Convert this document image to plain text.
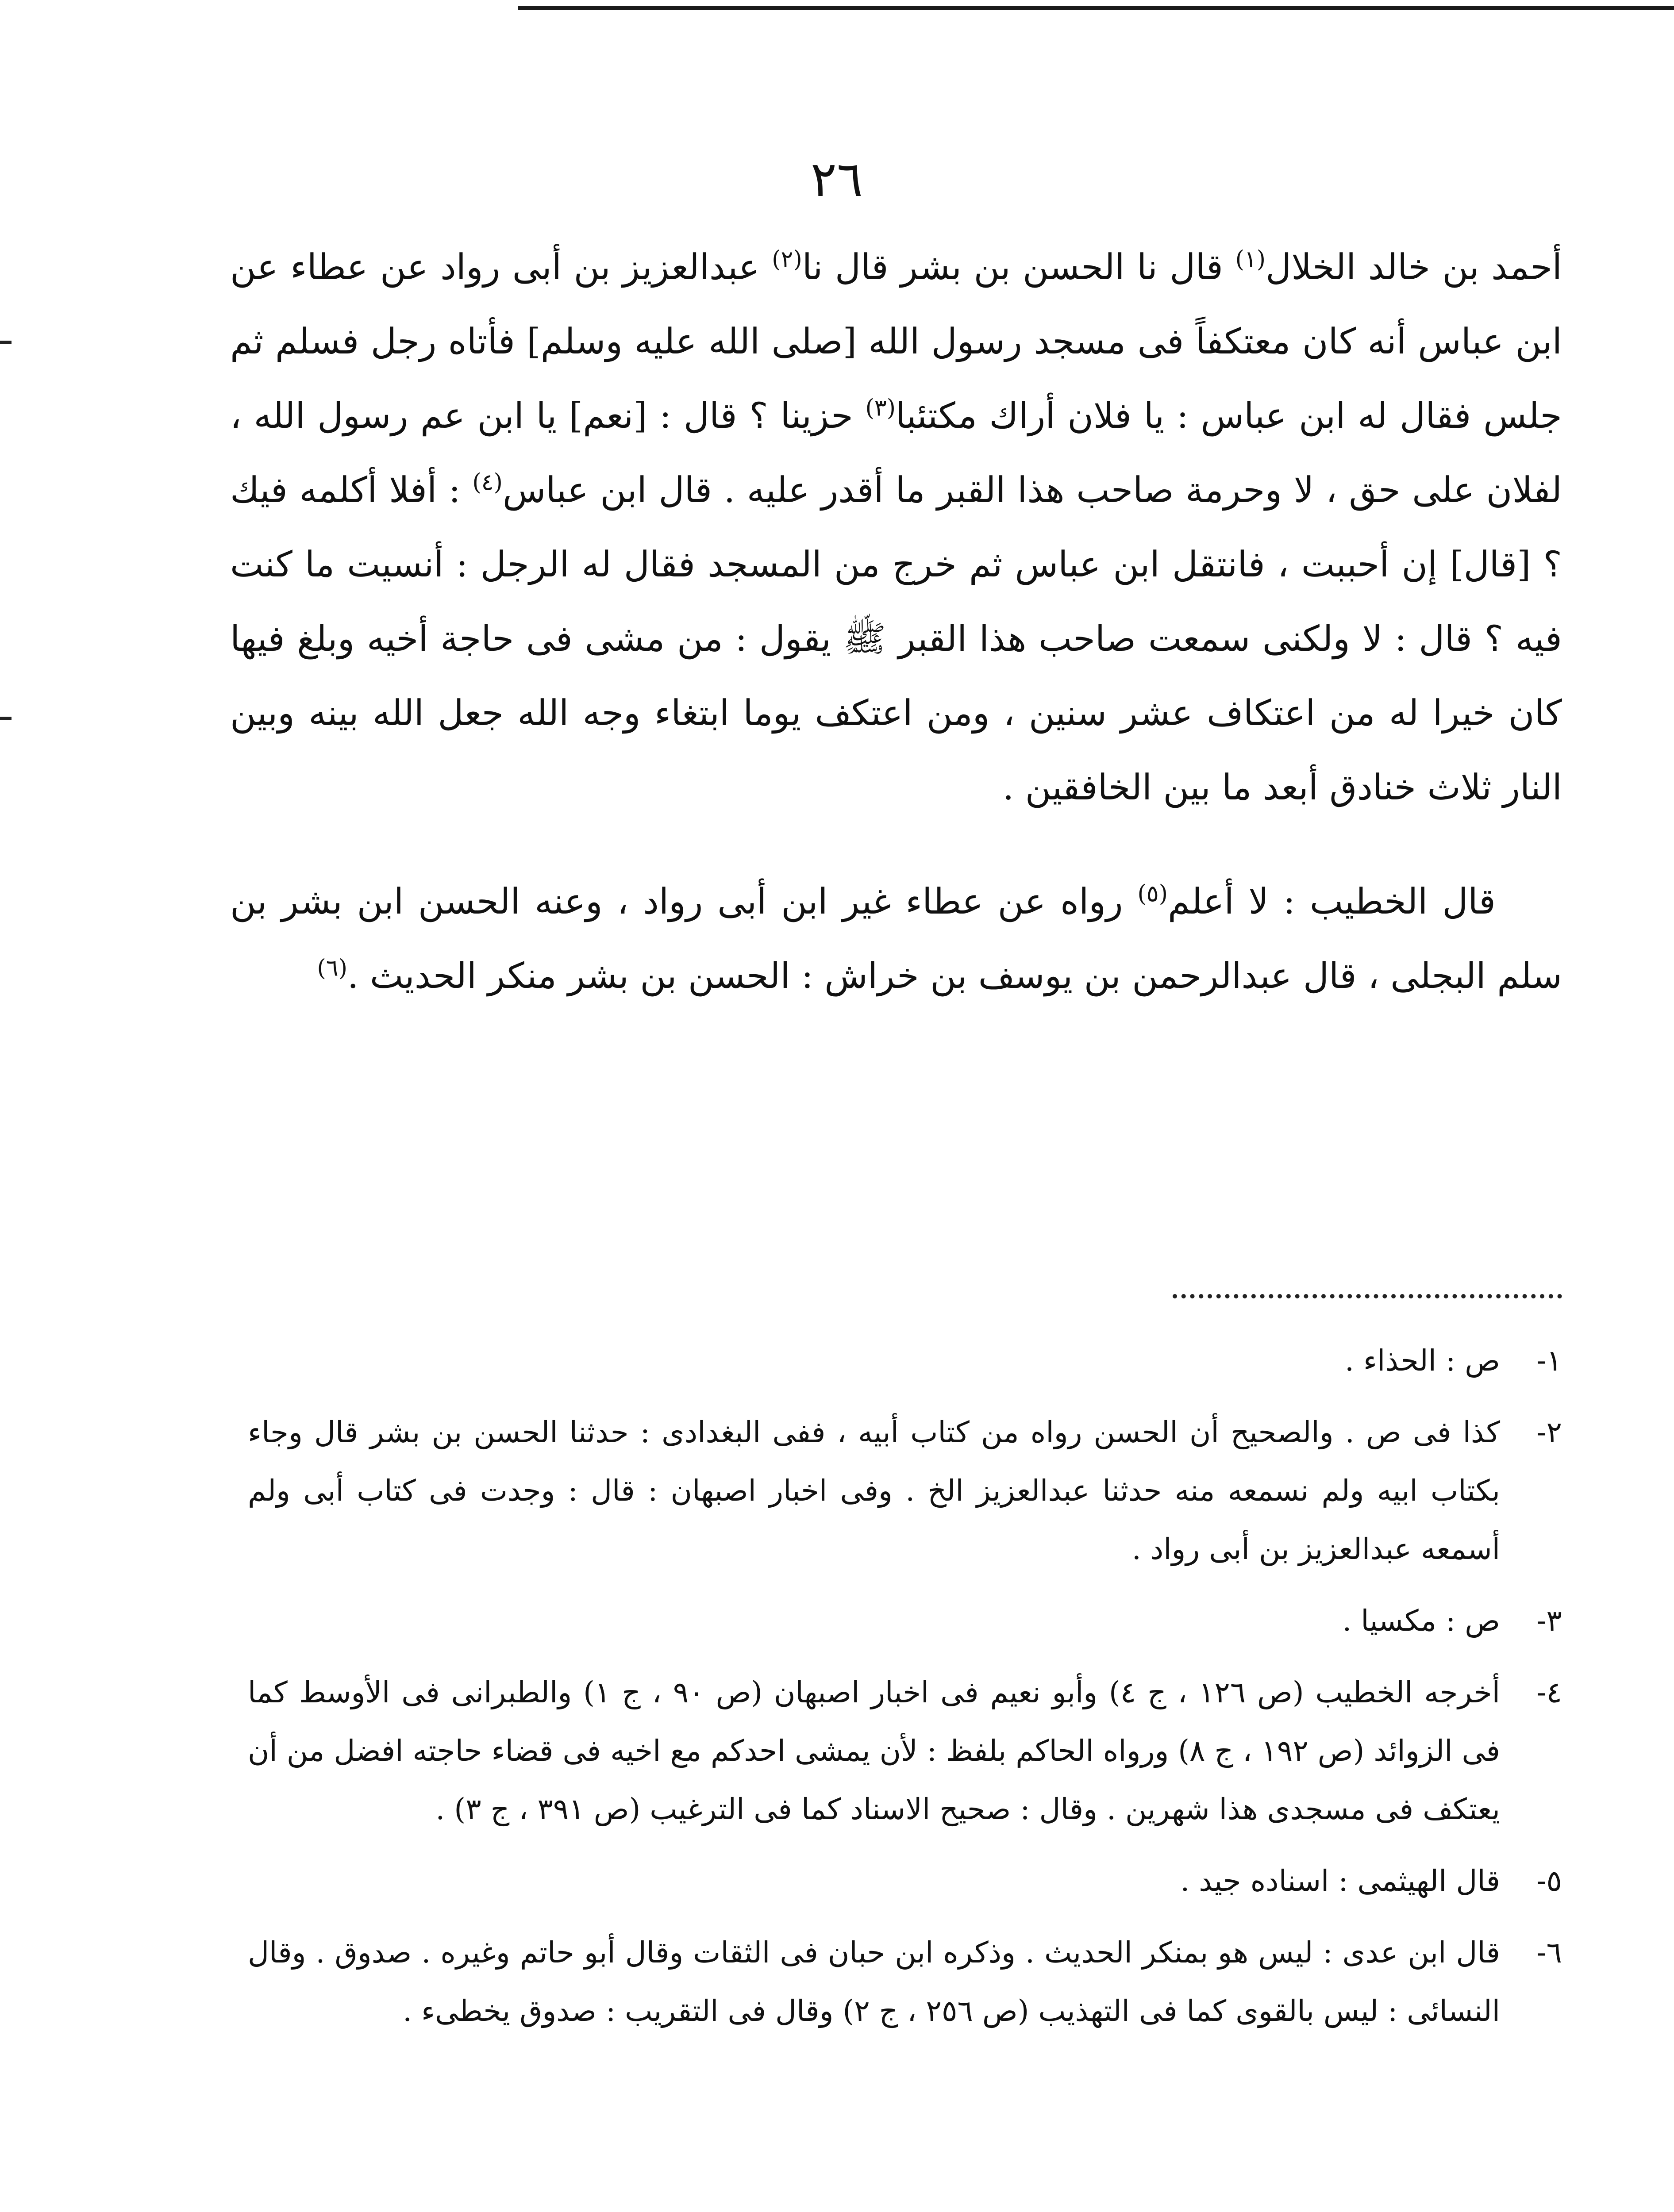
٢٦

أحمد بن خالد الخلال$^{(١)}$ قال نا الحسن بن بشر قال نا$^{(٢)}$ عبدالعزيز بن أبى رواد عن عطاء عن ابن عباس أنه كان معتكفاً فى مسجد رسول الله [صلى الله عليه وسلم] فأتاه رجل فسلم ثم جلس فقال له ابن عباس : يا فلان أراك مكتئبا$^{(٣)}$ حزينا ؟ قال : [نعم] يا ابن عم رسول الله ، لفلان على حق ، لا وحرمة صاحب هذا القبر ما أقدر عليه . قال ابن عباس$^{(٤)}$ : أفلا أكلمه فيك ؟ [قال] إن أحببت ، فانتقل ابن عباس ثم خرج من المسجد فقال له الرجل : أنسيت ما كنت فيه ؟ قال : لا ولكنى سمعت صاحب هذا القبر ﷺ يقول : من مشى فى حاجة أخيه وبلغ فيها كان خيرا له من اعتكاف عشر سنين ، ومن اعتكف يوما ابتغاء وجه الله جعل الله بينه وبين النار ثلاث خنادق أبعد ما بين الخافقين .

قال الخطيب : لا أعلم$^{(٥)}$ رواه عن عطاء غير ابن أبى رواد ، وعنه الحسن ابن بشر بن سلم البجلى ، قال عبدالرحمن بن يوسف بن خراش : الحسن بن بشر منكر الحديث .$^{(٦)}$

١-
ص : الحذاء .
٢-
كذا فى ص . والصحيح أن الحسن رواه من كتاب أبيه ، ففى البغدادى : حدثنا الحسن بن بشر قال وجاء بكتاب ابيه ولم نسمعه منه حدثنا عبدالعزيز الخ . وفى اخبار اصبهان : قال : وجدت فى كتاب أبى ولم أسمعه عبدالعزيز بن أبى رواد .
٣-
ص : مكسيا .
٤-
أخرجه الخطيب (ص ١٢٦ ، ج ٤) وأبو نعيم فى اخبار اصبهان (ص ٩٠ ، ج ١) والطبرانى فى الأوسط كما فى الزوائد (ص ١٩٢ ، ج ٨) ورواه الحاكم بلفظ : لأن يمشى احدكم مع اخيه فى قضاء حاجته افضل من أن يعتكف فى مسجدى هذا شهرين . وقال : صحيح الاسناد كما فى الترغيب (ص ٣٩١ ، ج ٣) .
٥-
قال الهيثمى : اسناده جيد .
٦-
قال ابن عدى : ليس هو بمنكر الحديث . وذكره ابن حبان فى الثقات وقال أبو حاتم وغيره . صدوق . وقال النسائى : ليس بالقوى كما فى التهذيب (ص ٢٥٦ ، ج ٢) وقال فى التقريب : صدوق يخطىء .
